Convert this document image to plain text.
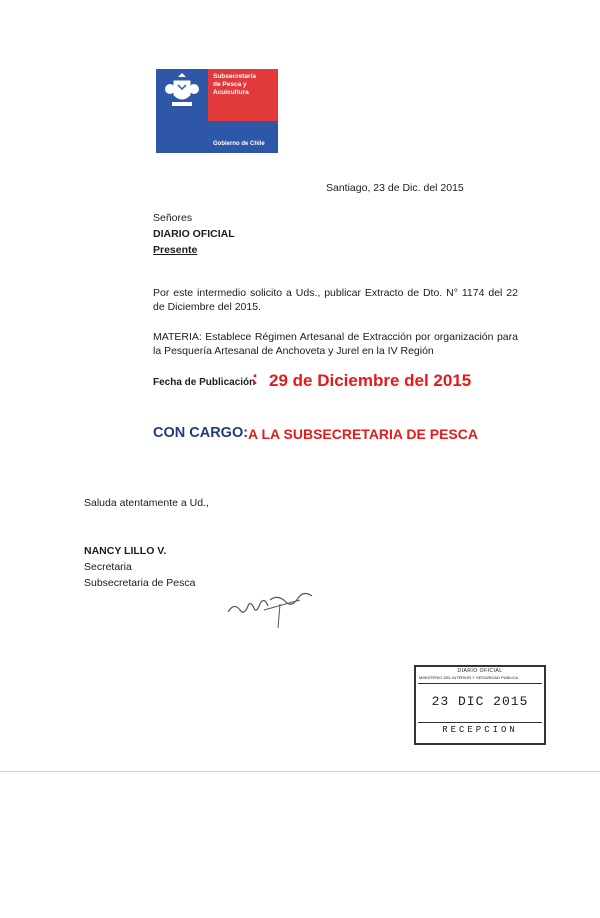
Subsecretaría
de Pesca y
Acuicultura
Gobierno de Chile
Santiago, 23 de Dic. del 2015
Señores
DIARIO OFICIAL
Presente
Por este intermedio solicito a Uds., publicar Extracto de Dto. N° 1174 del 22 de Diciembre del 2015.
MATERIA: Establece Régimen Artesanal de Extracción por organización para la Pesquería Artesanal de Anchoveta y Jurel en la IV Región
Fecha de Publicación
: 29 de Diciembre del 2015
CON CARGO: A LA SUBSECRETARIA DE PESCA
Saluda atentamente a Ud.,
NANCY LILLO V.
Secretaria
Subsecretaria de Pesca
DIARIO OFICIAL
MINISTERIO DEL INTERIOR Y SEGURIDAD PUBLICA
23 DIC 2015
RECEPCION
